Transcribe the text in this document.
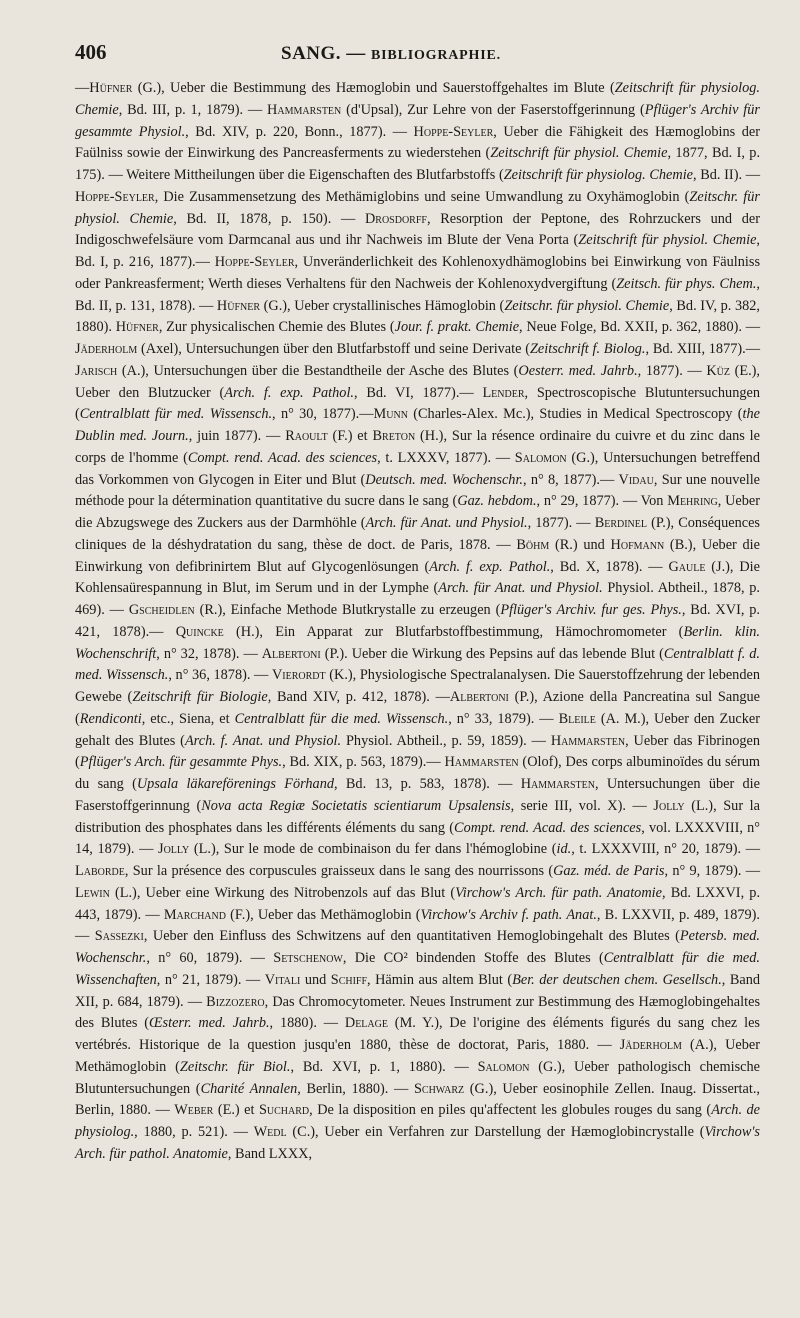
406	SANG. — BIBLIOGRAPHIE.

—Hüfner (G.), Ueber die Bestimmung des Hæmoglobin und Sauerstoffgehaltes im Blute (Zeitschrift für physiolog. Chemie, Bd. III, p. 1, 1879). — Hammarsten (d'Upsal), Zur Lehre von der Faserstoffgerinnung (Pflüger's Archiv für gesammte Physiol., Bd. XIV, p. 220, Bonn., 1877). — Hoppe-Seyler, Ueber die Fähigkeit des Hæmoglobins der Faülniss sowie der Einwirkung des Pancreasferments zu wiederstehen (Zeitschrift für physiol. Chemie, 1877, Bd. I, p. 175). — Weitere Mittheilungen über die Eigenschaften des Blutfarbstoffs (Zeitschrift für physiolog. Chemie, Bd. II). — Hoppe-Seyler, Die Zusammensetzung des Methämiglobins und seine Umwandlung zu Oxyhämoglobin (Zeitschr. für physiol. Chemie, Bd. II, 1878, p. 150). — Drosdorff, Resorption der Peptone, des Rohrzuckers und der Indigoschwefelsäure vom Darmcanal aus und ihr Nachweis im Blute der Vena Porta (Zeitschrift für physiol. Chemie, Bd. I, p. 216, 1877).— Hoppe-Seyler, Unveränderlichkeit des Kohlenoxydhämoglobins bei Einwirkung von Fäulniss oder Pankreasferment; Werth dieses Verhaltens für den Nachweis der Kohlenoxydvergiftung (Zeitsch. für phys. Chem., Bd. II, p. 131, 1878). — Hüfner (G.), Ueber crystallinisches Hämoglobin (Zeitschr. für physiol. Chemie, Bd. IV, p. 382, 1880). Hüfner, Zur physicalischen Chemie des Blutes (Jour. f. prakt. Chemie, Neue Folge, Bd. XXII, p. 362, 1880). — Jäderholm (Axel), Untersuchungen über den Blutfarbstoff und seine Derivate (Zeitschrift f. Biolog., Bd. XIII, 1877).— Jarisch (A.), Untersuchungen über die Bestandtheile der Asche des Blutes (Oesterr. med. Jahrb., 1877). — Küz (E.), Ueber den Blutzucker (Arch. f. exp. Pathol., Bd. VI, 1877).— Lender, Spectroscopische Blutuntersuchungen (Centralblatt für med. Wissensch., n° 30, 1877).—Munn (Charles-Alex. Mc.), Studies in Medical Spectroscopy (the Dublin med. Journ., juin 1877). — Raoult (F.) et Breton (H.), Sur la résence ordinaire du cuivre et du zinc dans le corps de l'homme (Compt. rend. Acad. des sciences, t. LXXXV, 1877). — Salomon (G.), Untersuchungen betreffend das Vorkommen von Glycogen in Eiter und Blut (Deutsch. med. Wochenschr., n° 8, 1877).— Vidau, Sur une nouvelle méthode pour la détermination quantitative du sucre dans le sang (Gaz. hebdom., n° 29, 1877). — Von Mehring, Ueber die Abzugswege des Zuckers aus der Darmhöhle (Arch. für Anat. und Physiol., 1877). — Berdinel (P.), Conséquences cliniques de la déshydratation du sang, thèse de doct. de Paris, 1878. — Böhm (R.) und Hofmann (B.), Ueber die Einwirkung von defibrinirtem Blut auf Glycogenlösungen (Arch. f. exp. Pathol., Bd. X, 1878). — Gaule (J.), Die Kohlensaürespannung in Blut, im Serum und in der Lymphe (Arch. für Anat. und Physiol. Physiol. Abtheil., 1878, p. 469). — Gscheidlen (R.), Einfache Methode Blutkrystalle zu erzeugen (Pflüger's Archiv. fur ges. Phys., Bd. XVI, p. 421, 1878).— Quincke (H.), Ein Apparat zur Blutfarbstoffbestimmung, Hämochromometer (Berlin. klin. Wochenschrift, n° 32, 1878). — Albertoni (P.). Ueber die Wirkung des Pepsins auf das lebende Blut (Centralblatt f. d. med. Wissensch., n° 36, 1878). — Vierordt (K.), Physiologische Spectralanalysen. Die Sauerstoffzehrung der lebenden Gewebe (Zeitschrift für Biologie, Band XIV, p. 412, 1878). —Albertoni (P.), Azione della Pancreatina sul Sangue (Rendiconti, etc., Siena, et Centralblatt für die med. Wissensch., n° 33, 1879). — Bleile (A. M.), Ueber den Zucker gehalt des Blutes (Arch. f. Anat. und Physiol. Physiol. Abtheil., p. 59, 1859). — Hammarsten, Ueber das Fibrinogen (Pflüger's Arch. für gesammte Phys., Bd. XIX, p. 563, 1879).— Hammarsten (Olof), Des corps albuminoïdes du sérum du sang (Upsala läkareförenings Förhand, Bd. 13, p. 583, 1878). — Hammarsten, Untersuchungen über die Faserstoffgerinnung (Nova acta Regiæ Societatis scientiarum Upsalensis, serie III, vol. X). — Jolly (L.), Sur la distribution des phosphates dans les différents éléments du sang (Compt. rend. Acad. des sciences, vol. LXXXVIII, n° 14, 1879). — Jolly (L.), Sur le mode de combinaison du fer dans l'hémoglobine (id., t. LXXXVIII, n° 20, 1879). — Laborde, Sur la présence des corpuscules graisseux dans le sang des nourrissons (Gaz. méd. de Paris, n° 9, 1879). —Lewin (L.), Ueber eine Wirkung des Nitrobenzols auf das Blut (Virchow's Arch. für path. Anatomie, Bd. LXXVI, p. 443, 1879). — Marchand (F.), Ueber das Methämoglobin (Virchow's Archiv f. path. Anat., B. LXXVII, p. 489, 1879). — Sassezki, Ueber den Einfluss des Schwitzens auf den quantitativen Hemoglobingehalt des Blutes (Petersb. med. Wochenschr., n° 60, 1879). — Setschenow, Die CO² bindenden Stoffe des Blutes (Centralblatt für die med. Wissenchaften, n° 21, 1879). — Vitali und Schiff, Hämin aus altem Blut (Ber. der deutschen chem. Gesellsch., Band XII, p. 684, 1879). — Bizzozero, Das Chromocytometer. Neues Instrument zur Bestimmung des Hæmoglobingehaltes des Blutes (Œsterr. med. Jahrb., 1880). — Delage (M. Y.), De l'origine des éléments figurés du sang chez les vertébrés. Historique de la question jusqu'en 1880, thèse de doctorat, Paris, 1880. — Jäderholm (A.), Ueber Methämoglobin (Zeitschr. für Biol., Bd. XVI, p. 1, 1880). — Salomon (G.), Ueber pathologisch chemische Blutuntersuchungen (Charité Annalen, Berlin, 1880). — Schwarz (G.), Ueber eosinophile Zellen. Inaug. Dissertat., Berlin, 1880. — Weber (E.) et Suchard, De la disposition en piles qu'affectent les globules rouges du sang (Arch. de physiolog., 1880, p. 521). — Wedl (C.), Ueber ein Verfahren zur Darstellung der Hæmoglobincrystalle (Virchow's Arch. für pathol. Anatomie, Band LXXX,
